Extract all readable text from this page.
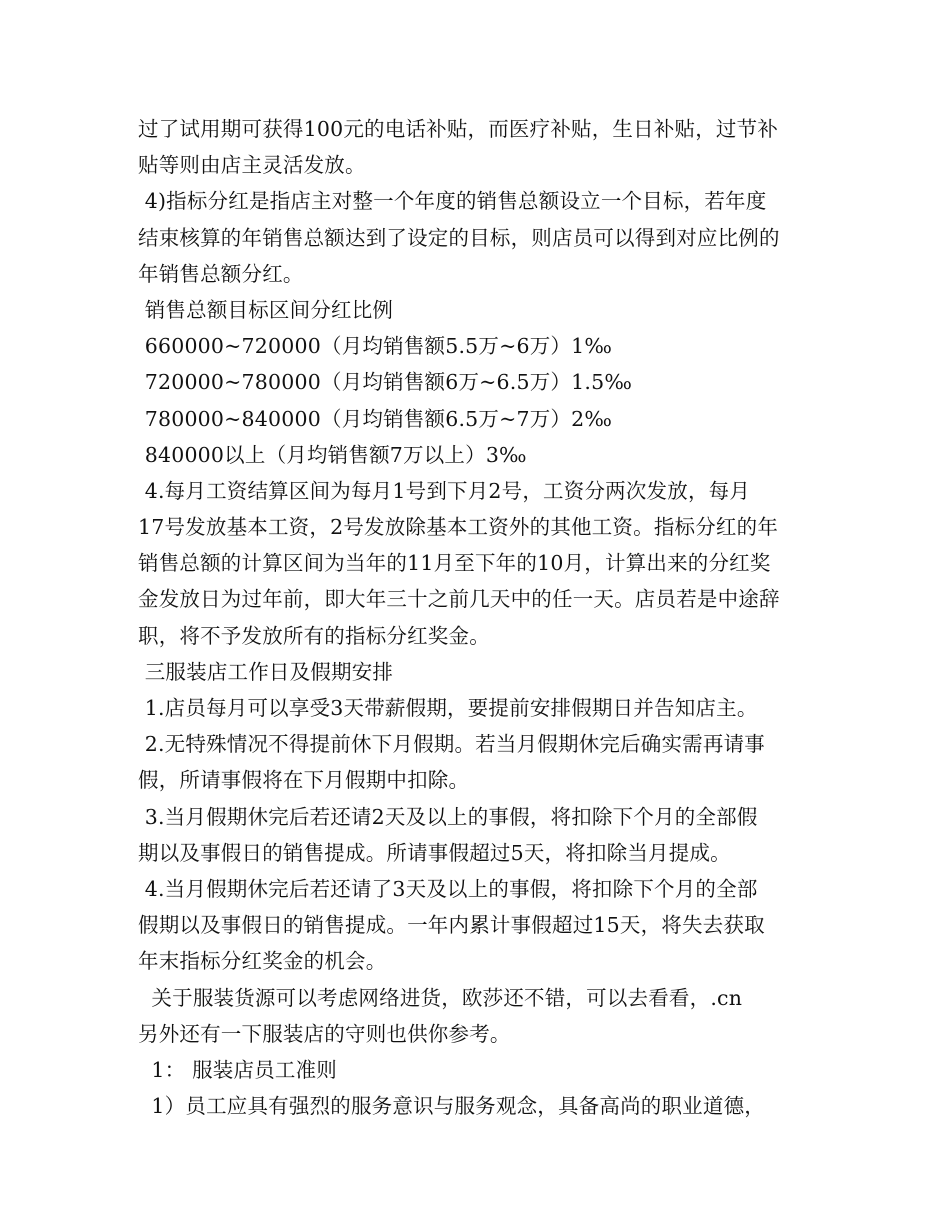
过了试用期可获得100元的电话补贴，而医疗补贴，生日补贴，过节补

贴等则由店主灵活发放。

4)指标分红是指店主对整一个年度的销售总额设立一个目标，若年度

结束核算的年销售总额达到了设定的目标，则店员可以得到对应比例的

年销售总额分红。

销售总额目标区间分红比例

660000~720000（月均销售额5.5万~6万）1‰

720000~780000（月均销售额6万~6.5万）1.5‰

780000~840000（月均销售额6.5万~7万）2‰

840000以上（月均销售额7万以上）3‰

4.每月工资结算区间为每月1号到下月2号，工资分两次发放，每月

17号发放基本工资，2号发放除基本工资外的其他工资。指标分红的年

销售总额的计算区间为当年的11月至下年的10月，计算出来的分红奖

金发放日为过年前，即大年三十之前几天中的任一天。店员若是中途辞

职，将不予发放所有的指标分红奖金。

三服装店工作日及假期安排

1.店员每月可以享受3天带薪假期，要提前安排假期日并告知店主。

2.无特殊情况不得提前休下月假期。若当月假期休完后确实需再请事

假，所请事假将在下月假期中扣除。

3.当月假期休完后若还请2天及以上的事假，将扣除下个月的全部假

期以及事假日的销售提成。所请事假超过5天，将扣除当月提成。

4.当月假期休完后若还请了3天及以上的事假，将扣除下个月的全部

假期以及事假日的销售提成。一年内累计事假超过15天，将失去获取

年末指标分红奖金的机会。

关于服装货源可以考虑网络进货，欧莎还不错，可以去看看，.cn

另外还有一下服装店的守则也供你参考。

1： 服装店员工准则

1）员工应具有强烈的服务意识与服务观念，具备高尚的职业道德，
